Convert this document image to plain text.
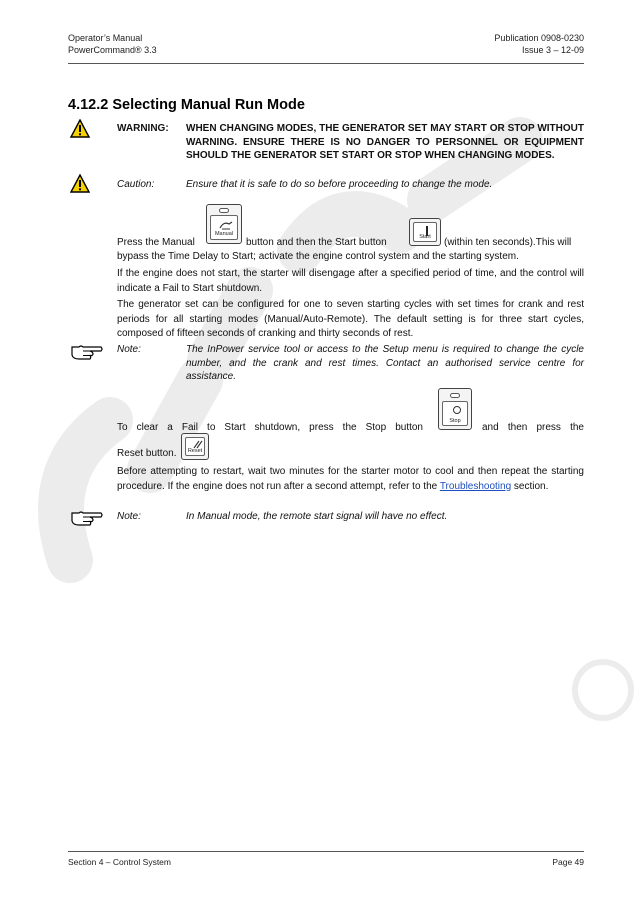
Operator’s Manual
PowerCommand® 3.3
Publication 0908-0230
Issue 3 – 12-09
4.12.2 Selecting Manual Run Mode
WARNING: WHEN CHANGING MODES, THE GENERATOR SET MAY START OR STOP WITHOUT WARNING. ENSURE THERE IS NO DANGER TO PERSONNEL OR EQUIPMENT SHOULD THE GENERATOR SET START OR STOP WHEN CHANGING MODES.
Caution:	Ensure that it is safe to do so before proceeding to change the mode.
Press the Manual
Manual
button and then the Start button	Start	(within ten seconds).This will
bypass the Time Delay to Start; activate the engine control system and the starting system.
If the engine does not start, the starter will disengage after a specified period of time, and the control will indicate a Fail to Start shutdown.
The generator set can be configured for one to seven starting cycles with set times for crank and rest periods for all starting modes (Manual/Auto-Remote). The default setting is for three start cycles, composed of fifteen seconds of cranking and thirty seconds of rest.
Note:	The InPower service tool or access to the Setup menu is required to change the cycle number, and the crank and rest times. Contact an authorised service centre for assistance.
To clear a Fail to Start shutdown, press the Stop button
Stop
and then press the
Reset button.	Reset
Before attempting to restart, wait two minutes for the starter motor to cool and then repeat the starting procedure. If the engine does not run after a second attempt, refer to the Troubleshooting section.
Note:	In Manual mode, the remote start signal will have no effect.
Section 4 – Control System	Page 49
